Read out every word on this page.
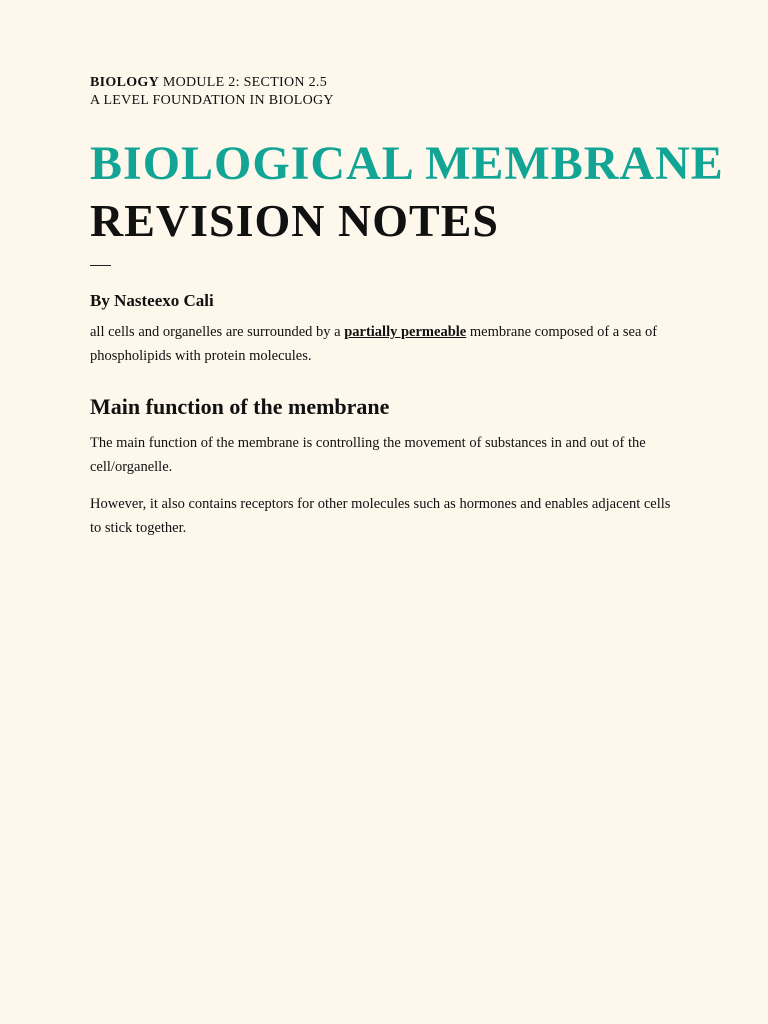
BIOLOGY MODULE 2: SECTION 2.5
A LEVEL FOUNDATION IN BIOLOGY
BIOLOGICAL MEMBRANE
REVISION NOTES
By Nasteexo Cali

all cells and organelles are surrounded by a partially permeable membrane composed of a sea of phospholipids with protein molecules.

Main function of the membrane

The main function of the membrane is controlling the movement of substances in and out of the cell/organelle.

However, it also contains receptors for other molecules such as hormones and enables adjacent cells to stick together.
